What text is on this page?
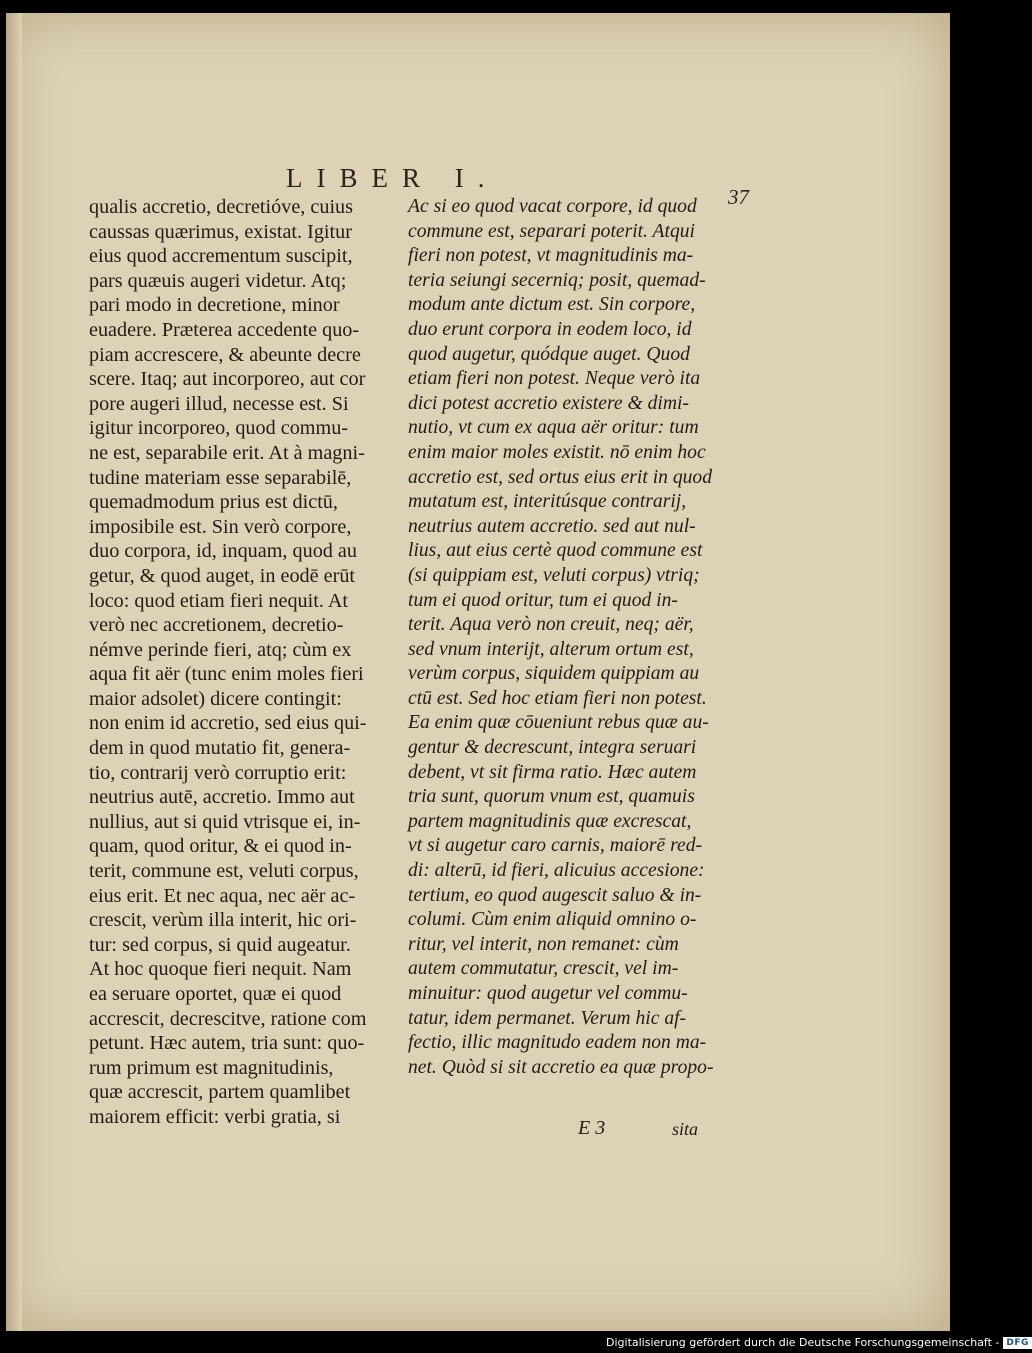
LIBER I.
37
qualis accretio, decretióve, cuius
caussas quærimus, existat. Igitur
eius quod accrementum suscipit,
pars quæuis augeri videtur. Atq;
pari modo in decretione, minor
euadere. Præterea accedente quo-
piam accrescere, & abeunte decre
scere. Itaq; aut incorporeo, aut cor
pore augeri illud, necesse est. Si
igitur incorporeo, quod commu-
ne est, separabile erit. At à magni-
tudine materiam esse separabilē,
quemadmodum prius est dictū,
imposibile est. Sin verò corpore,
duo corpora, id, inquam, quod au
getur, & quod auget, in eodē erūt
loco: quod etiam fieri nequit. At
verò nec accretionem, decretio-
némve perinde fieri, atq; cùm ex
aqua fit aër (tunc enim moles fieri
maior adsolet) dicere contingit:
non enim id accretio, sed eius qui-
dem in quod mutatio fit, genera-
tio, contrarij verò corruptio erit:
neutrius autē, accretio. Immo aut
nullius, aut si quid vtrisque ei, in-
quam, quod oritur, & ei quod in-
terit, commune est, veluti corpus,
eius erit. Et nec aqua, nec aër ac-
crescit, verùm illa interit, hic ori-
tur: sed corpus, si quid augeatur.
At hoc quoque fieri nequit. Nam
ea seruare oportet, quæ ei quod
accrescit, decrescitve, ratione com
petunt. Hæc autem, tria sunt: quo-
rum primum est magnitudinis,
quæ accrescit, partem quamlibet
maiorem efficit: verbi gratia, si
Ac si eo quod vacat corpore, id quod
commune est, separari poterit. Atqui
fieri non potest, vt magnitudinis ma-
teria seiungi secerniq; posit, quemad-
modum ante dictum est. Sin corpore,
duo erunt corpora in eodem loco, id
quod augetur, quódque auget. Quod
etiam fieri non potest. Neque verò ita
dici potest accretio existere & dimi-
nutio, vt cum ex aqua aër oritur: tum
enim maior moles existit. nō enim hoc
accretio est, sed ortus eius erit in quod
mutatum est, interitúsque contrarij,
neutrius autem accretio. sed aut nul-
lius, aut eius certè quod commune est
(si quippiam est, veluti corpus) vtriq;
tum ei quod oritur, tum ei quod in-
terit. Aqua verò non creuit, neq; aër,
sed vnum interijt, alterum ortum est,
verùm corpus, siquidem quippiam au
ctū est. Sed hoc etiam fieri non potest.
Ea enim quæ cōueniunt rebus quæ au-
gentur & decrescunt, integra seruari
debent, vt sit firma ratio. Hæc autem
tria sunt, quorum vnum est, quamuis
partem magnitudinis quæ excrescat,
vt si augetur caro carnis, maiorē red-
di: alterū, id fieri, alicuius accesione:
tertium, eo quod augescit saluo & in-
columi. Cùm enim aliquid omnino o-
ritur, vel interit, non remanet: cùm
autem commutatur, crescit, vel im-
minuitur: quod augetur vel commu-
tatur, idem permanet. Verum hic af-
fectio, illic magnitudo eadem non ma-
net. Quòd si sit accretio ea quæ propo-
E 3	sita
Digitalisierung gefördert durch die Deutsche Forschungsgemeinschaft - DFG
